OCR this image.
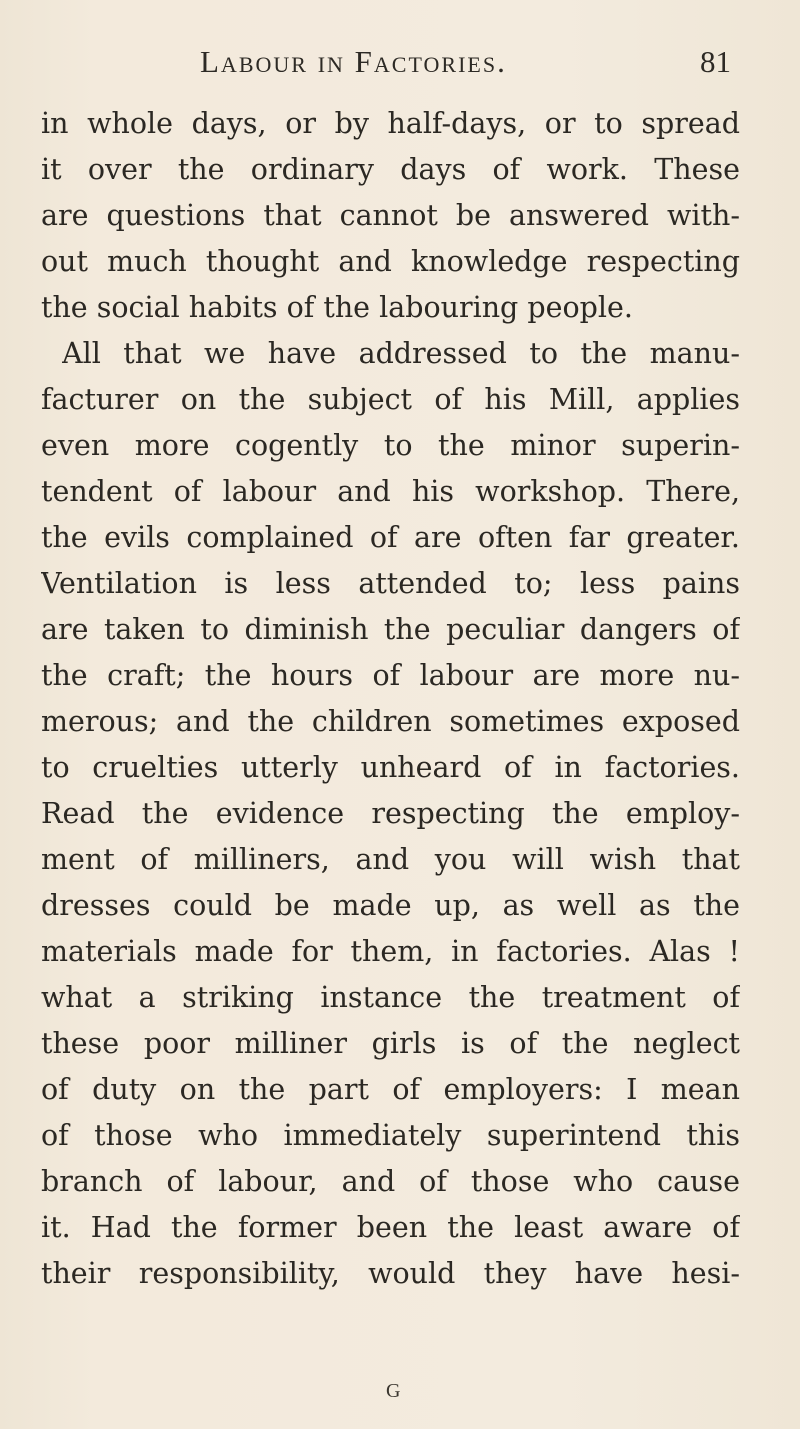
Labour in Factories.	81
in whole days, or by half-days, or to spread
it over the ordinary days of work. These
are questions that cannot be answered with-
out much thought and knowledge respecting
the social habits of the labouring people.
All that we have addressed to the manu-
facturer on the subject of his Mill, applies
even more cogently to the minor superin-
tendent of labour and his workshop. There,
the evils complained of are often far greater.
Ventilation is less attended to; less pains
are taken to diminish the peculiar dangers of
the craft; the hours of labour are more nu-
merous; and the children sometimes exposed
to cruelties utterly unheard of in factories.
Read the evidence respecting the employ-
ment of milliners, and you will wish that
dresses could be made up, as well as the
materials made for them, in factories. Alas !
what a striking instance the treatment of
these poor milliner girls is of the neglect
of duty on the part of employers: I mean
of those who immediately superintend this
branch of labour, and of those who cause
it. Had the former been the least aware of
their responsibility, would they have hesi-
G
